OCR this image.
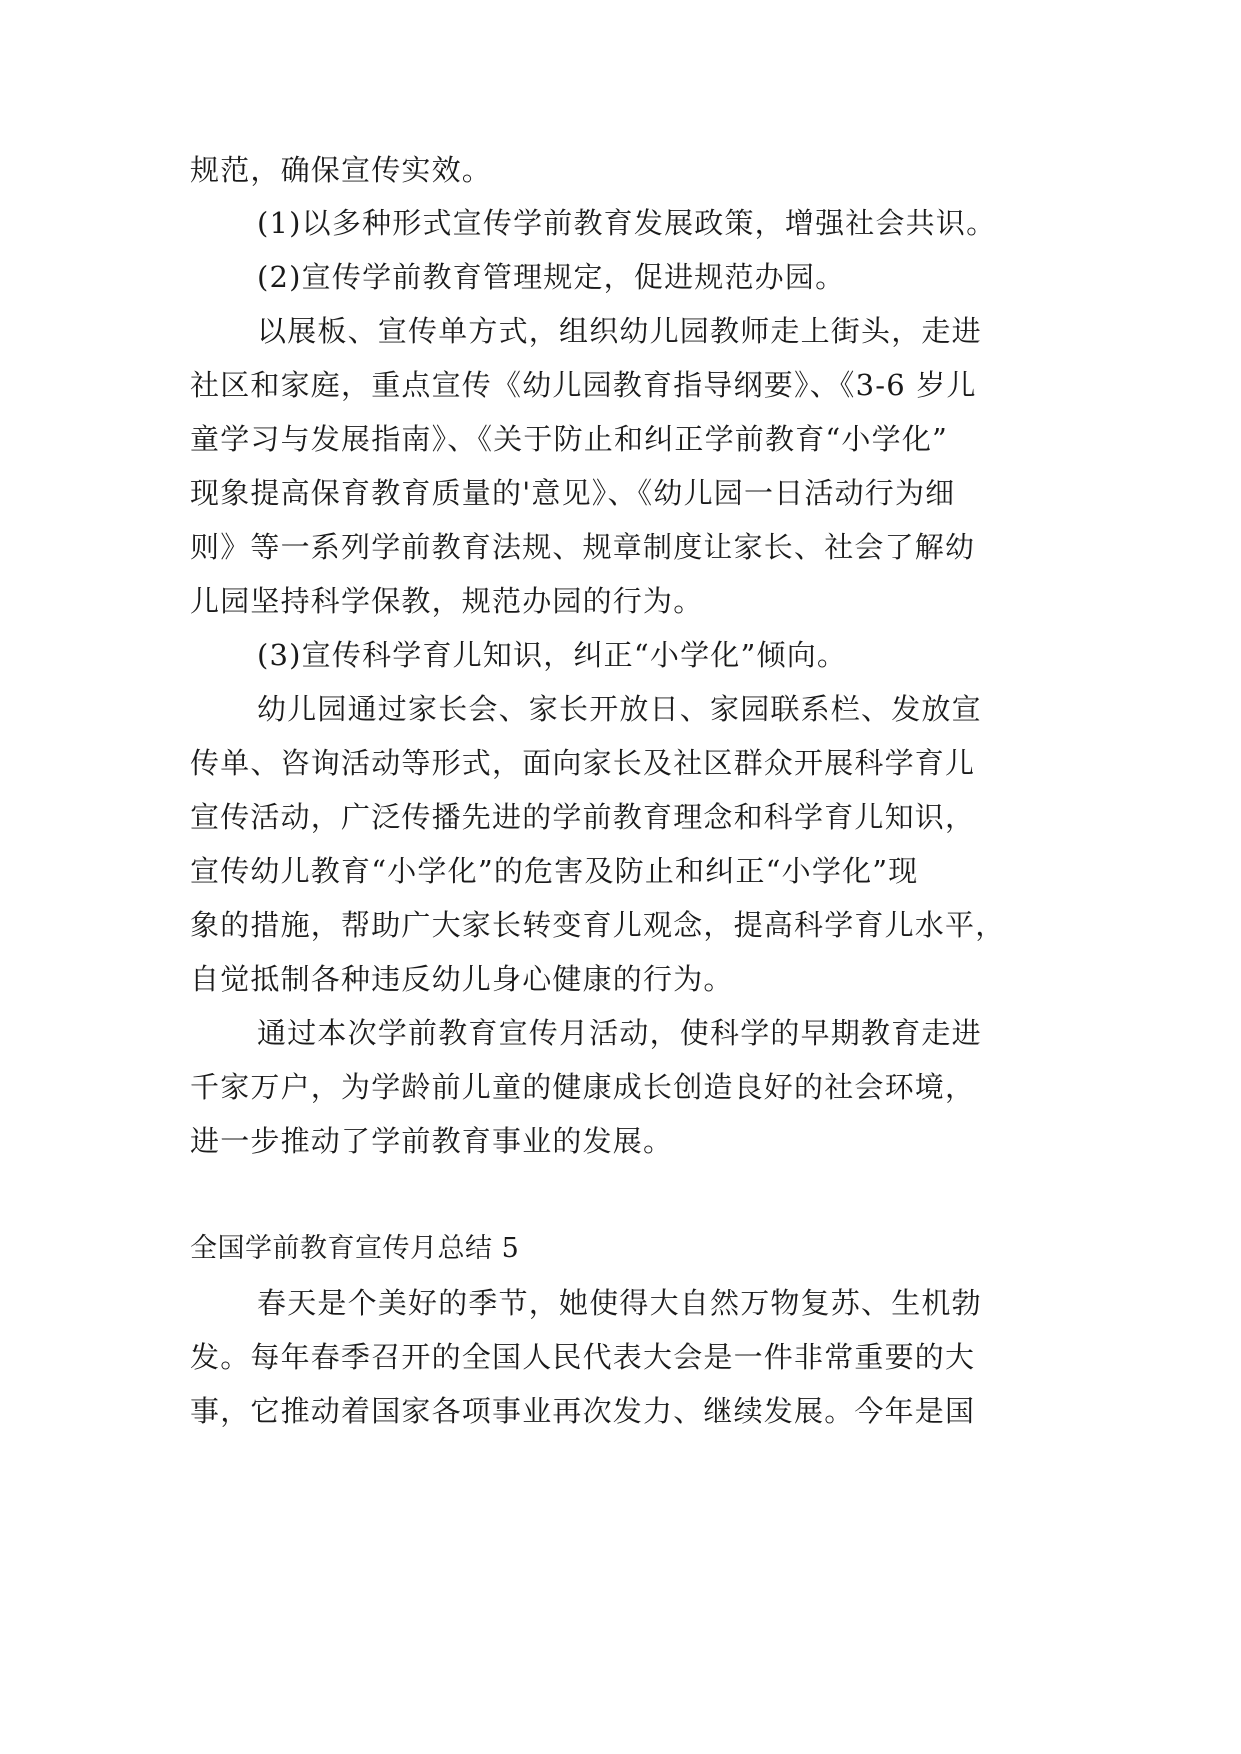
规范，确保宣传实效。

(1)以多种形式宣传学前教育发展政策，增强社会共识。

(2)宣传学前教育管理规定，促进规范办园。

以展板、宣传单方式，组织幼儿园教师走上街头，走进

社区和家庭，重点宣传《幼儿园教育指导纲要》、《3-6 岁儿

童学习与发展指南》、《关于防止和纠正学前教育“小学化”

现象提高保育教育质量的'意见》、《幼儿园一日活动行为细

则》等一系列学前教育法规、规章制度让家长、社会了解幼

儿园坚持科学保教，规范办园的行为。

(3)宣传科学育儿知识，纠正“小学化”倾向。

幼儿园通过家长会、家长开放日、家园联系栏、发放宣

传单、咨询活动等形式，面向家长及社区群众开展科学育儿

宣传活动，广泛传播先进的学前教育理念和科学育儿知识，

宣传幼儿教育“小学化”的危害及防止和纠正“小学化”现

象的措施，帮助广大家长转变育儿观念，提高科学育儿水平，

自觉抵制各种违反幼儿身心健康的行为。

通过本次学前教育宣传月活动，使科学的早期教育走进

千家万户，为学龄前儿童的健康成长创造良好的社会环境，

进一步推动了学前教育事业的发展。

全国学前教育宣传月总结 5

春天是个美好的季节，她使得大自然万物复苏、生机勃

发。每年春季召开的全国人民代表大会是一件非常重要的大

事，它推动着国家各项事业再次发力、继续发展。今年是国
